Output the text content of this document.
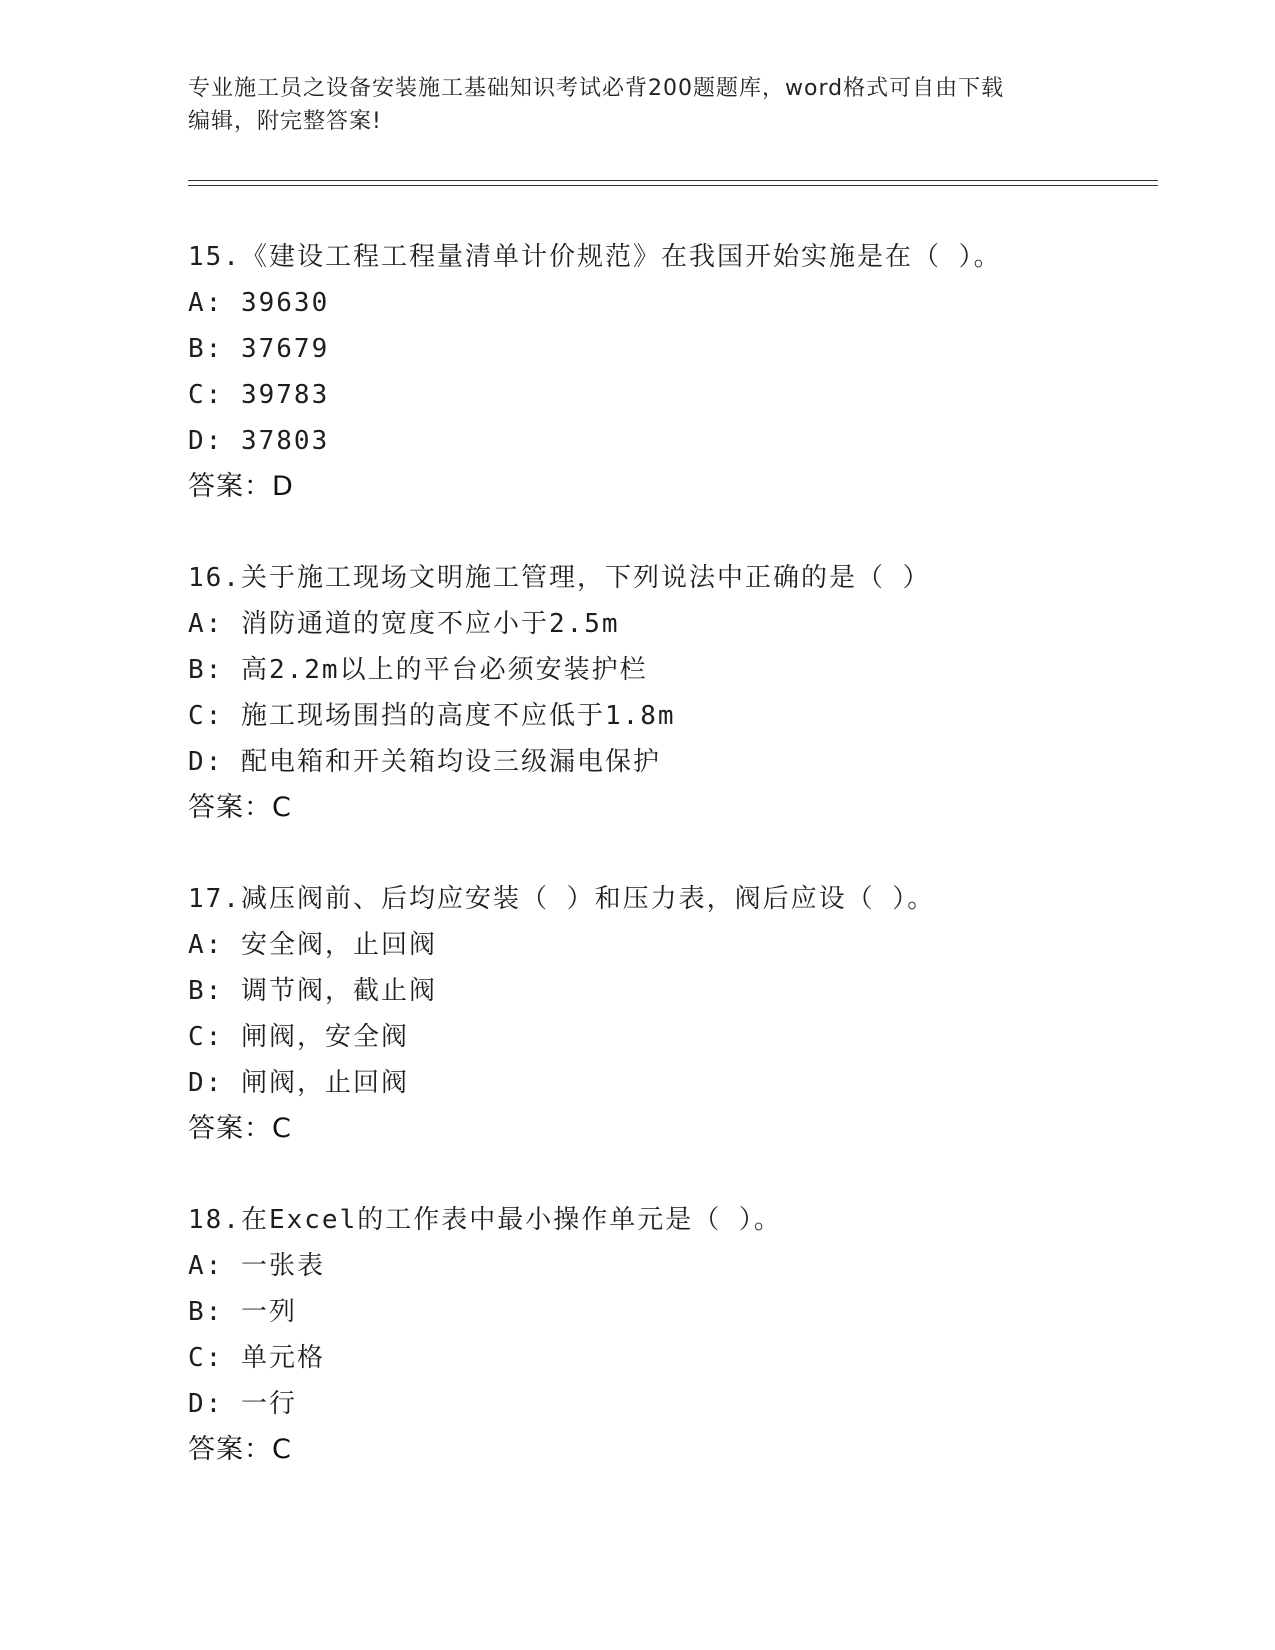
专业施工员之设备安装施工基础知识考试必背200题题库，word格式可自由下载
编辑，附完整答案!
15.《建设工程工程量清单计价规范》在我国开始实施是在（ ）。
A: 39630
B: 37679
C: 39783
D: 37803
答案：D
16.关于施工现场文明施工管理，下列说法中正确的是（ ）
A: 消防通道的宽度不应小于2.5m
B: 高2.2m以上的平台必须安装护栏
C: 施工现场围挡的高度不应低于1.8m
D: 配电箱和开关箱均设三级漏电保护
答案：C
17.减压阀前、后均应安装（ ）和压力表，阀后应设（ ）。
A: 安全阀，止回阀
B: 调节阀，截止阀
C: 闸阀，安全阀
D: 闸阀，止回阀
答案：C
18.在Excel的工作表中最小操作单元是（ ）。
A: 一张表
B: 一列
C: 单元格
D: 一行
答案：C
